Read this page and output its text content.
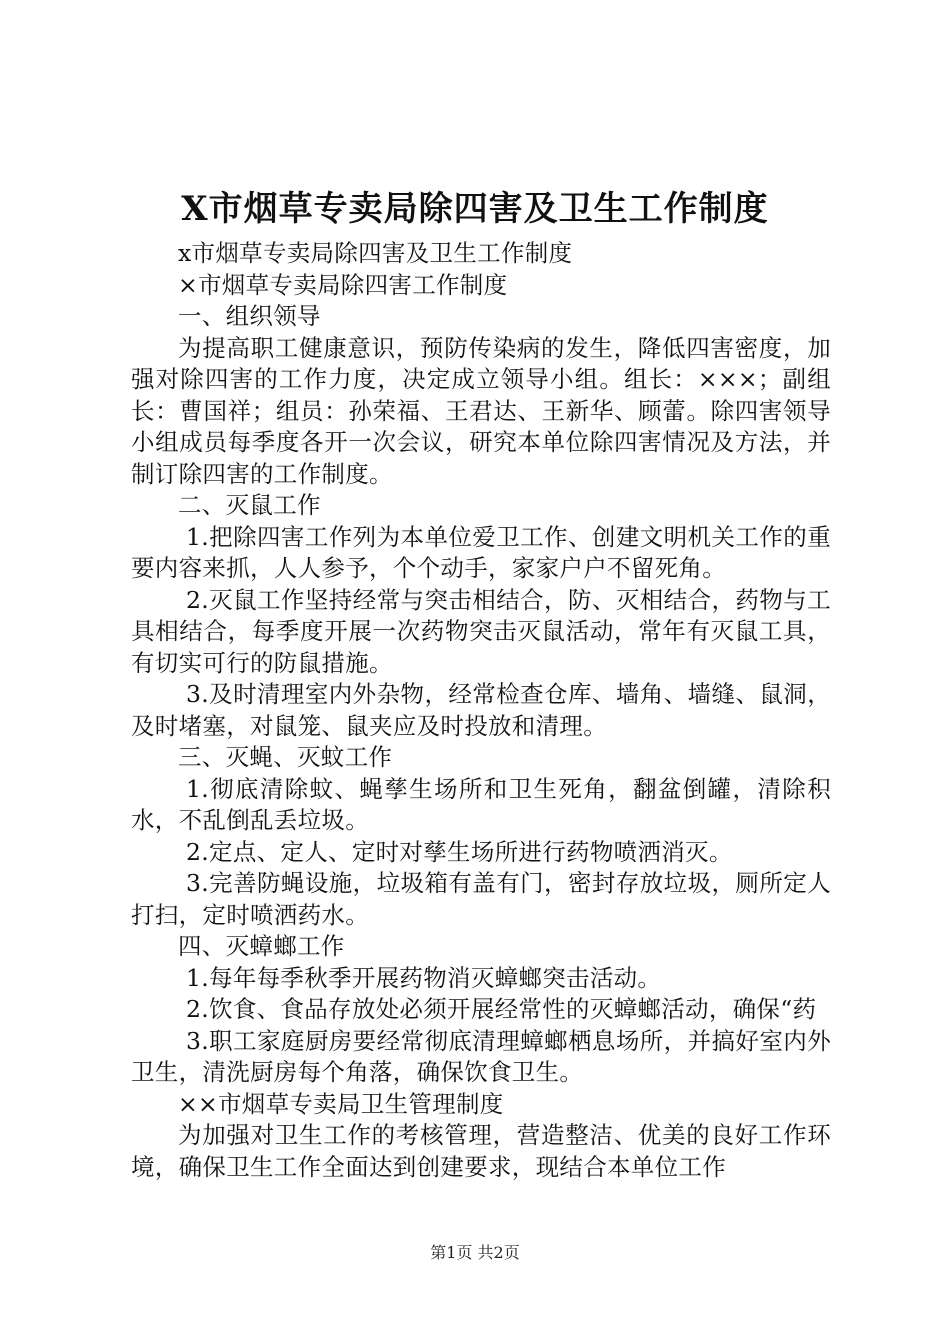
X市烟草专卖局除四害及卫生工作制度

x市烟草专卖局除四害及卫生工作制度

×市烟草专卖局除四害工作制度

一、组织领导

为提高职工健康意识，预防传染病的发生，降低四害密度，加强对除四害的工作力度，决定成立领导小组。组长：×××；副组长：曹国祥；组员：孙荣福、王君达、王新华、顾蕾。除四害领导小组成员每季度各开一次会议，研究本单位除四害情况及方法，并制订除四害的工作制度。

二、灭鼠工作

1.把除四害工作列为本单位爱卫工作、创建文明机关工作的重要内容来抓，人人参予，个个动手，家家户户不留死角。

2.灭鼠工作坚持经常与突击相结合，防、灭相结合，药物与工具相结合，每季度开展一次药物突击灭鼠活动，常年有灭鼠工具，有切实可行的防鼠措施。

3.及时清理室内外杂物，经常检查仓库、墙角、墙缝、鼠洞，及时堵塞，对鼠笼、鼠夹应及时投放和清理。

三、灭蝇、灭蚊工作

1.彻底清除蚊、蝇孳生场所和卫生死角，翻盆倒罐，清除积水，不乱倒乱丢垃圾。

2.定点、定人、定时对孳生场所进行药物喷洒消灭。

3.完善防蝇设施，垃圾箱有盖有门，密封存放垃圾，厕所定人打扫，定时喷洒药水。

四、灭蟑螂工作

1.每年每季秋季开展药物消灭蟑螂突击活动。

2.饮食、食品存放处必须开展经常性的灭蟑螂活动，确保“药

3.职工家庭厨房要经常彻底清理蟑螂栖息场所，并搞好室内外卫生，清洗厨房每个角落，确保饮食卫生。

××市烟草专卖局卫生管理制度

为加强对卫生工作的考核管理，营造整洁、优美的良好工作环境，确保卫生工作全面达到创建要求，现结合本单位工作

第1页 共2页
